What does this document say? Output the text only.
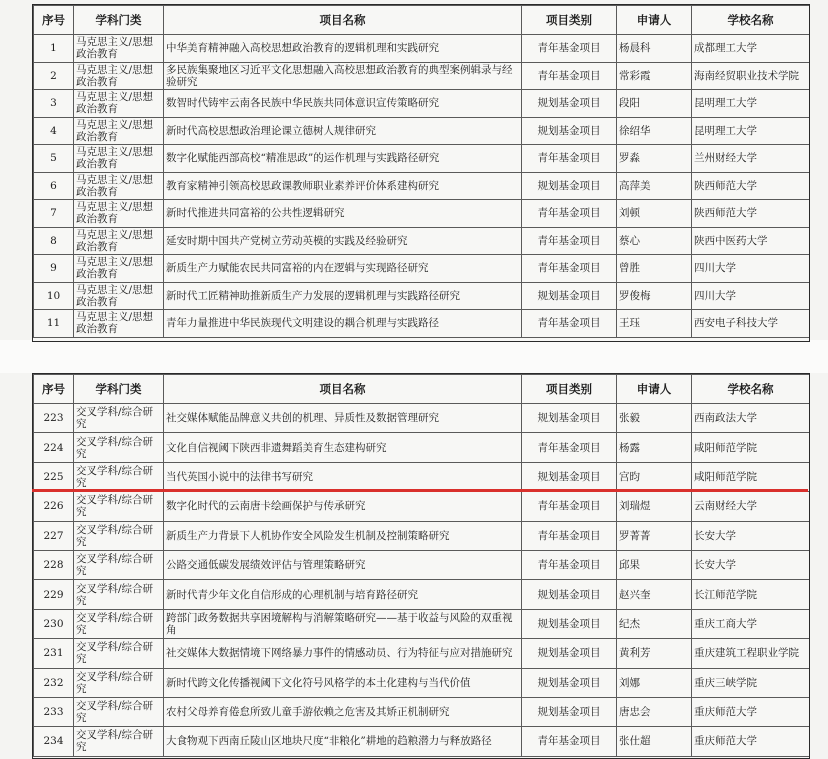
序号	学科门类	项目名称	项目类别	申请人	学校名称
1	马克思主义/思想政治教育	中华美育精神融入高校思想政治教育的逻辑机理和实践研究	青年基金项目	杨晨科	成都理工大学
2	马克思主义/思想政治教育	多民族集聚地区习近平文化思想融入高校思想政治教育的典型案例辑录与经验研究	青年基金项目	常彩霞	海南经贸职业技术学院
3	马克思主义/思想政治教育	数智时代铸牢云南各民族中华民族共同体意识宣传策略研究	规划基金项目	段阳	昆明理工大学
4	马克思主义/思想政治教育	新时代高校思想政治理论课立德树人规律研究	规划基金项目	徐绍华	昆明理工大学
5	马克思主义/思想政治教育	数字化赋能西部高校“精准思政”的运作机理与实践路径研究	青年基金项目	罗淼	兰州财经大学
6	马克思主义/思想政治教育	教育家精神引领高校思政课教师职业素养评价体系建构研究	规划基金项目	高萍美	陕西师范大学
7	马克思主义/思想政治教育	新时代推进共同富裕的公共性逻辑研究	青年基金项目	刘顿	陕西师范大学
8	马克思主义/思想政治教育	延安时期中国共产党树立劳动英模的实践及经验研究	青年基金项目	蔡心	陕西中医药大学
9	马克思主义/思想政治教育	新质生产力赋能农民共同富裕的内在逻辑与实现路径研究	青年基金项目	曾胜	四川大学
10	马克思主义/思想政治教育	新时代工匠精神助推新质生产力发展的逻辑机理与实践路径研究	规划基金项目	罗俊梅	四川大学
11	马克思主义/思想政治教育	青年力量推进中华民族现代文明建设的耦合机理与实践路径	青年基金项目	王珏	西安电子科技大学
序号	学科门类	项目名称	项目类别	申请人	学校名称
223	交叉学科/综合研究	社交媒体赋能品牌意义共创的机理、异质性及数据管理研究	规划基金项目	张毅	西南政法大学
224	交叉学科/综合研究	文化自信视阈下陕西非遗舞蹈美育生态建构研究	青年基金项目	杨露	咸阳师范学院
225	交叉学科/综合研究	当代英国小说中的法律书写研究	规划基金项目	宫昀	咸阳师范学院
226	交叉学科/综合研究	数字化时代的云南唐卡绘画保护与传承研究	青年基金项目	刘瑞煜	云南财经大学
227	交叉学科/综合研究	新质生产力背景下人机协作安全风险发生机制及控制策略研究	青年基金项目	罗菁菁	长安大学
228	交叉学科/综合研究	公路交通低碳发展绩效评估与管理策略研究	青年基金项目	邱果	长安大学
229	交叉学科/综合研究	新时代青少年文化自信形成的心理机制与培育路径研究	规划基金项目	赵兴奎	长江师范学院
230	交叉学科/综合研究	跨部门政务数据共享困境解构与消解策略研究——基于收益与风险的双重视角	规划基金项目	纪杰	重庆工商大学
231	交叉学科/综合研究	社交媒体大数据情境下网络暴力事件的情感动员、行为特征与应对措施研究	规划基金项目	黄利芳	重庆建筑工程职业学院
232	交叉学科/综合研究	新时代跨文化传播视阈下文化符号风格学的本土化建构与当代价值	规划基金项目	刘娜	重庆三峡学院
233	交叉学科/综合研究	农村父母养育倦怠所致儿童手游依赖之危害及其矫正机制研究	规划基金项目	唐忠会	重庆师范大学
234	交叉学科/综合研究	大食物观下西南丘陵山区地块尺度“非粮化”耕地的趋粮潜力与释放路径	青年基金项目	张仕超	重庆师范大学
